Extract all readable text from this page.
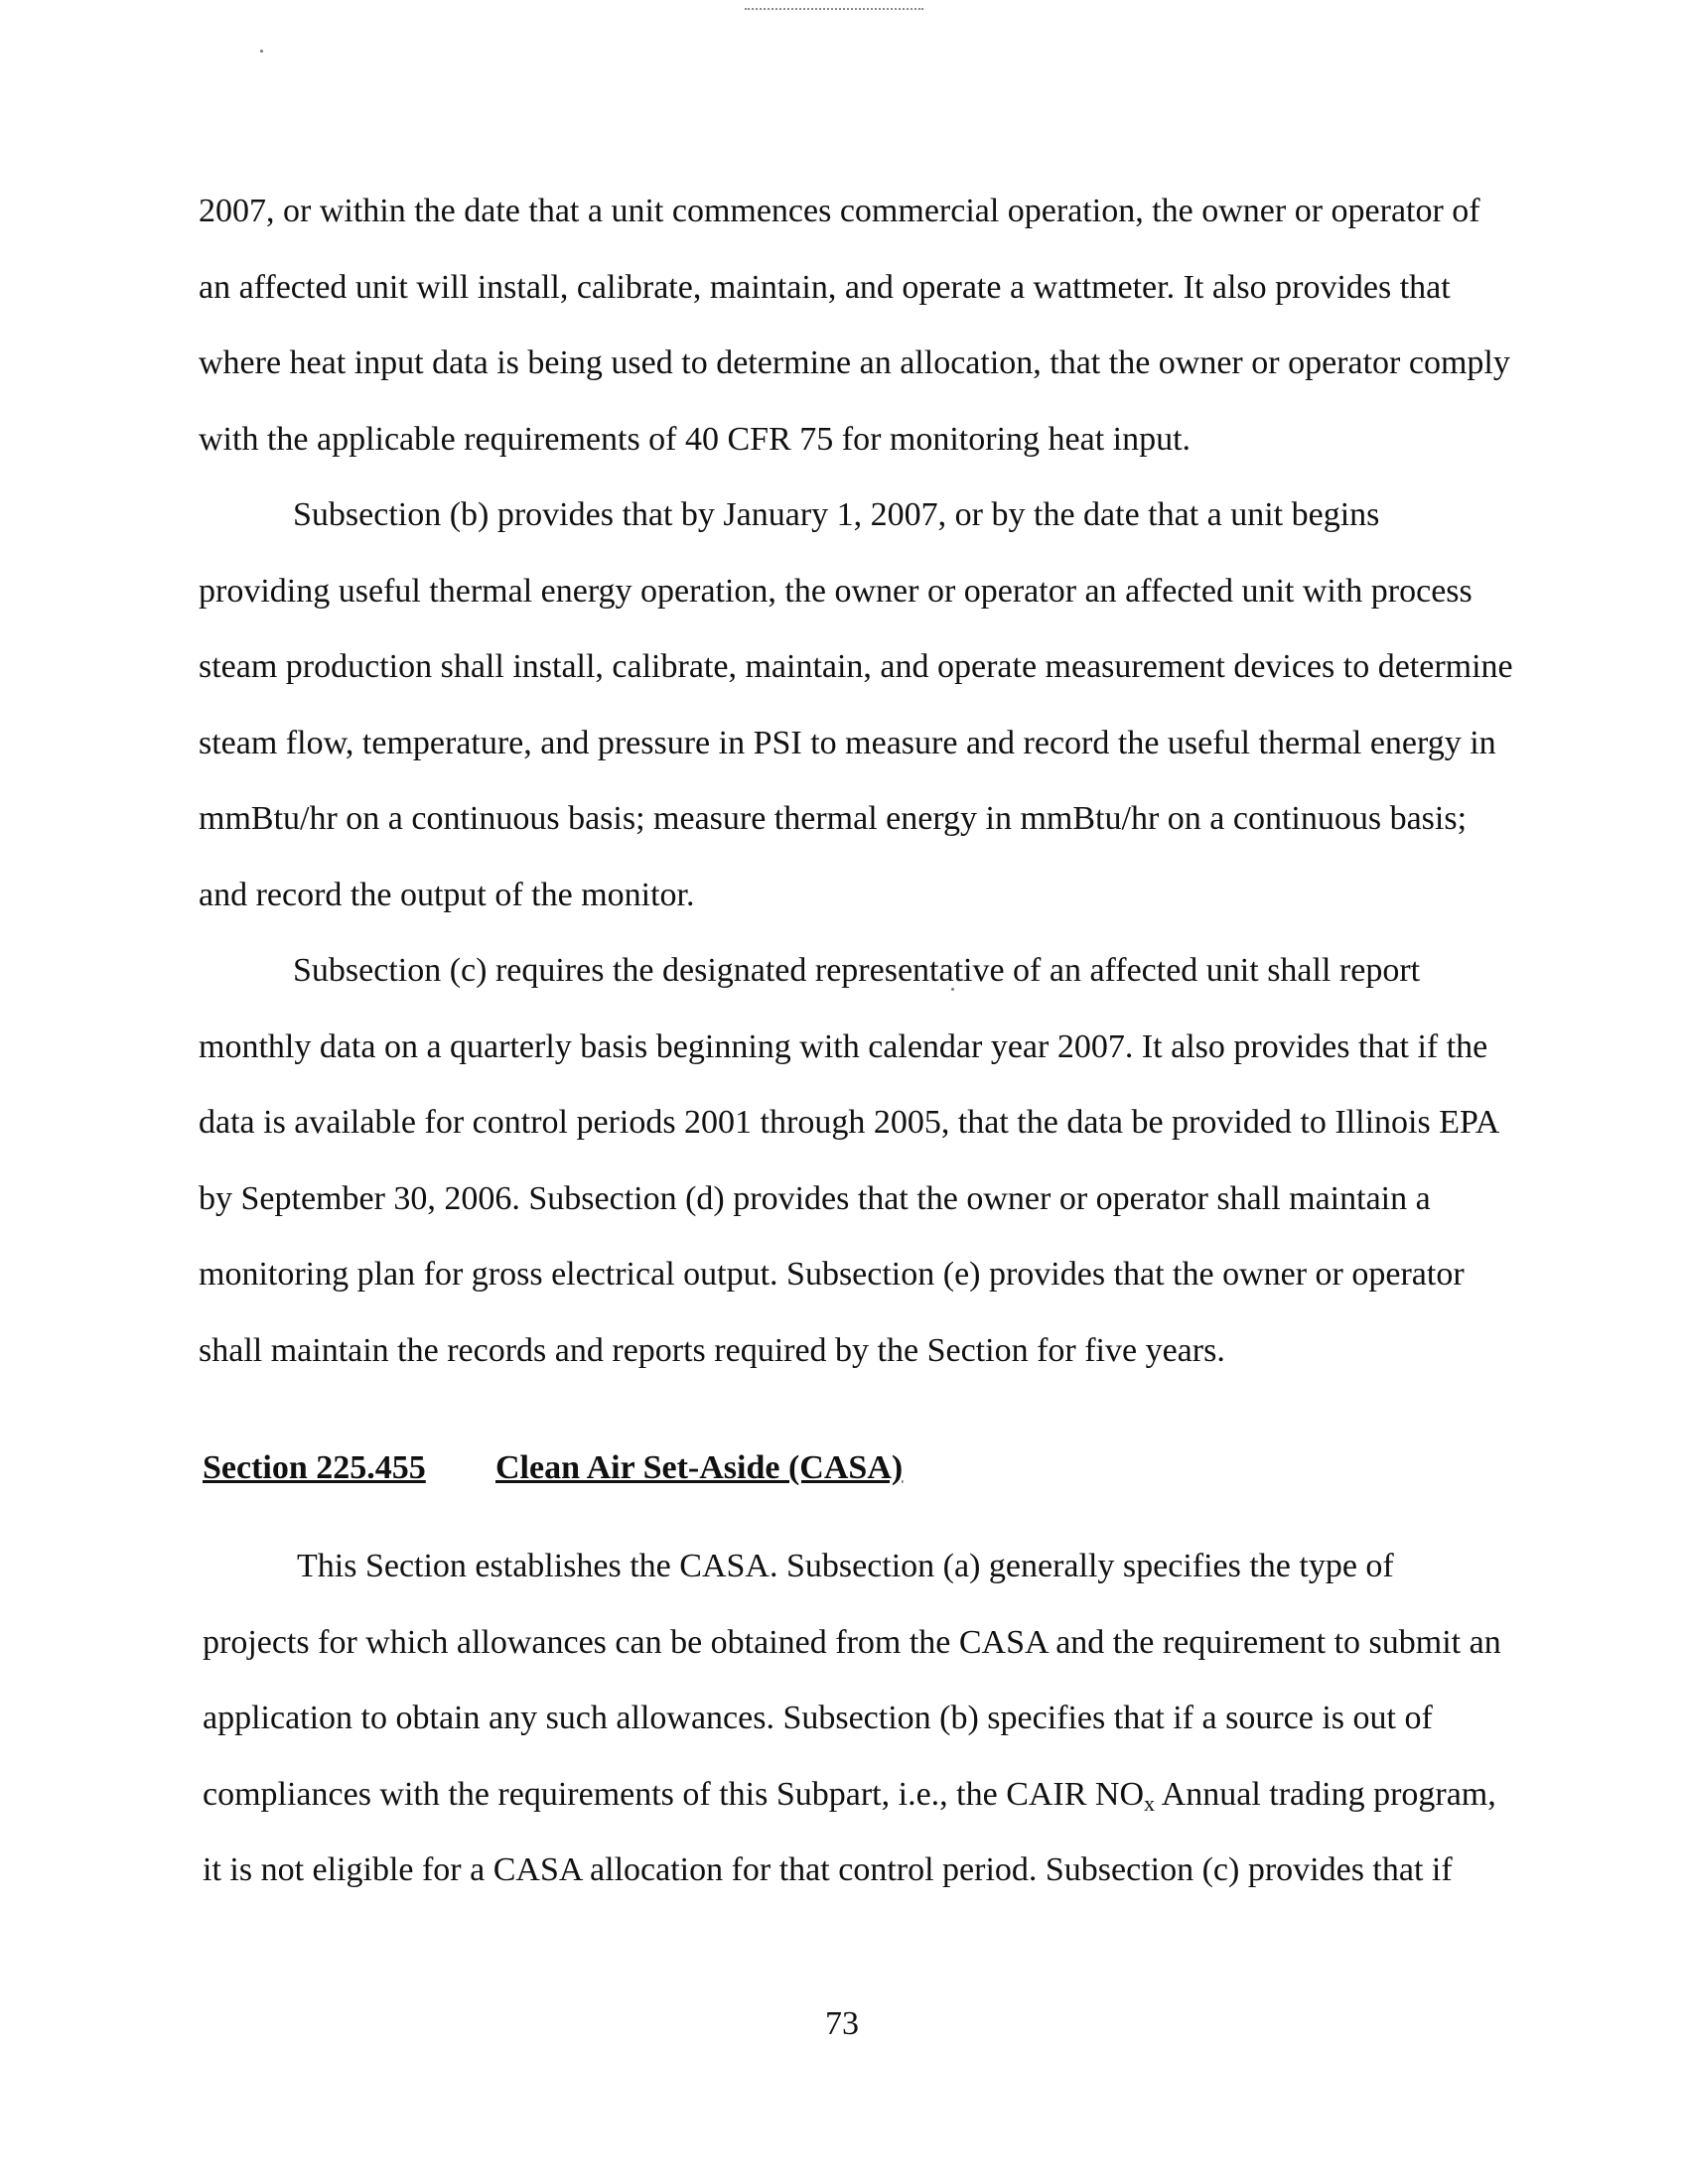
2007, or within the date that a unit commences commercial operation, the owner or operator of
an affected unit will install, calibrate, maintain, and operate a wattmeter. It also provides that
where heat input data is being used to determine an allocation, that the owner or operator comply
with the applicable requirements of 40 CFR 75 for monitoring heat input.

Subsection (b) provides that by January 1, 2007, or by the date that a unit begins
providing useful thermal energy operation, the owner or operator an affected unit with process
steam production shall install, calibrate, maintain, and operate measurement devices to determine
steam flow, temperature, and pressure in PSI to measure and record the useful thermal energy in
mmBtu/hr on a continuous basis; measure thermal energy in mmBtu/hr on a continuous basis;
and record the output of the monitor.

Subsection (c) requires the designated representative of an affected unit shall report
monthly data on a quarterly basis beginning with calendar year 2007. It also provides that if the
data is available for control periods 2001 through 2005, that the data be provided to Illinois EPA
by September 30, 2006. Subsection (d) provides that the owner or operator shall maintain a
monitoring plan for gross electrical output. Subsection (e) provides that the owner or operator
shall maintain the records and reports required by the Section for five years.

Section 225.455 Clean Air Set-Aside (CASA)

This Section establishes the CASA. Subsection (a) generally specifies the type of
projects for which allowances can be obtained from the CASA and the requirement to submit an
application to obtain any such allowances. Subsection (b) specifies that if a source is out of
compliances with the requirements of this Subpart, i.e., the CAIR $NO_x$ Annual trading program,
it is not eligible for a CASA allocation for that control period. Subsection (c) provides that if

73
